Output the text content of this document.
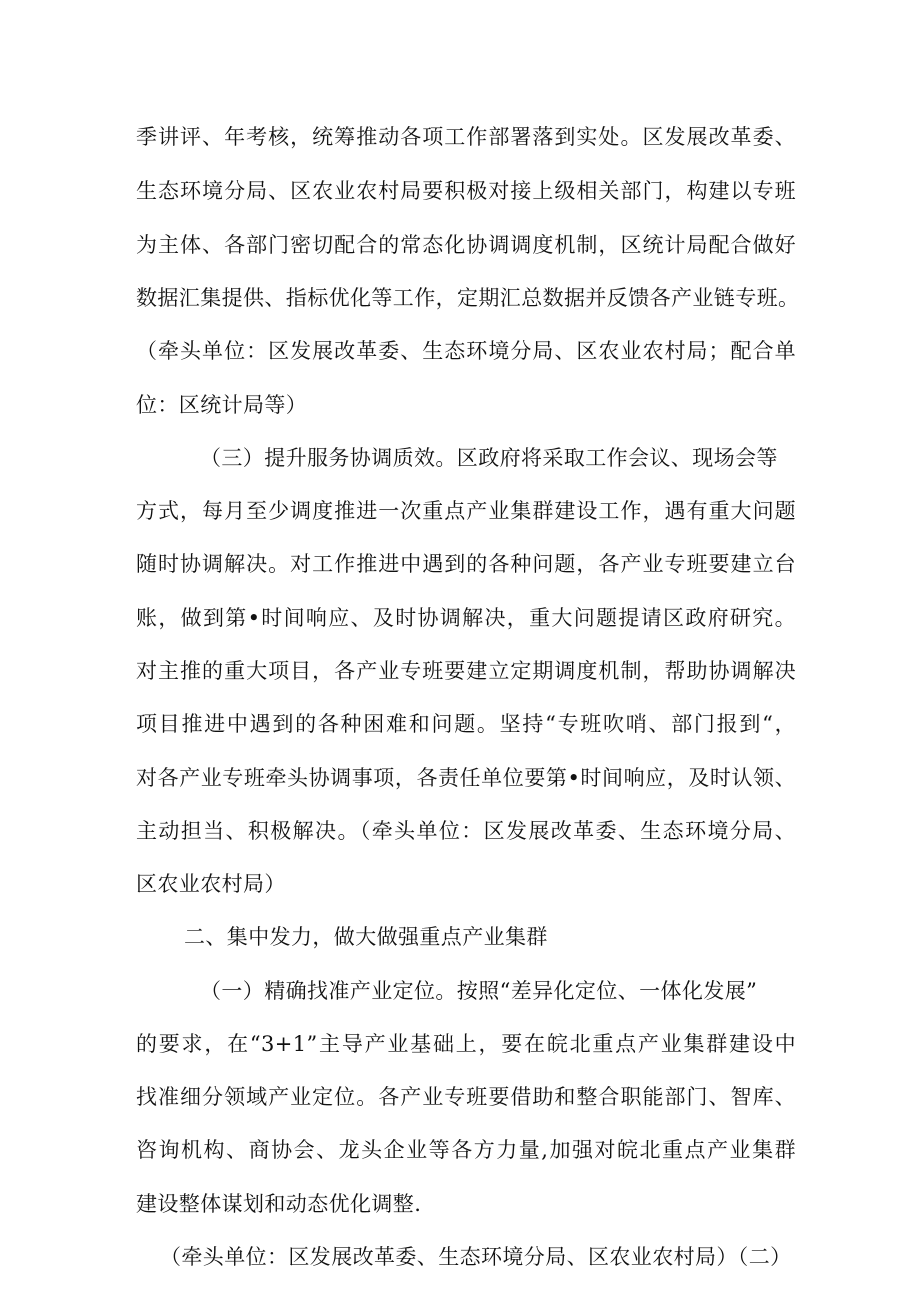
季讲评、年考核，统筹推动各项工作部署落到实处。区发展改革委、
生态环境分局、区农业农村局要积极对接上级相关部门，构建以专班
为主体、各部门密切配合的常态化协调调度机制，区统计局配合做好
数据汇集提供、指标优化等工作，定期汇总数据并反馈各产业链专班。
（牵头单位：区发展改革委、生态环境分局、区农业农村局；配合单
位：区统计局等）
（三）提升服务协调质效。区政府将采取工作会议、现场会等
方式，每月至少调度推进一次重点产业集群建设工作，遇有重大问题
随时协调解决。对工作推进中遇到的各种问题，各产业专班要建立台
账，做到第•时间响应、及时协调解决，重大问题提请区政府研究。
对主推的重大项目，各产业专班要建立定期调度机制，帮助协调解决
项目推进中遇到的各种困难和问题。坚持“专班吹哨、部门报到“，
对各产业专班牵头协调事项，各责任单位要第•时间响应，及时认领、
主动担当、积极解决。（牵头单位：区发展改革委、生态环境分局、
区农业农村局）
二、集中发力，做大做强重点产业集群
（一）精确找准产业定位。按照“差异化定位、一体化发展”
的要求，在“3+1”主导产业基础上，要在皖北重点产业集群建设中
找准细分领域产业定位。各产业专班要借助和整合职能部门、智库、
咨询机构、商协会、龙头企业等各方力量,加强对皖北重点产业集群
建设整体谋划和动态优化调整.
（牵头单位：区发展改革委、生态环境分局、区农业农村局）（二）
